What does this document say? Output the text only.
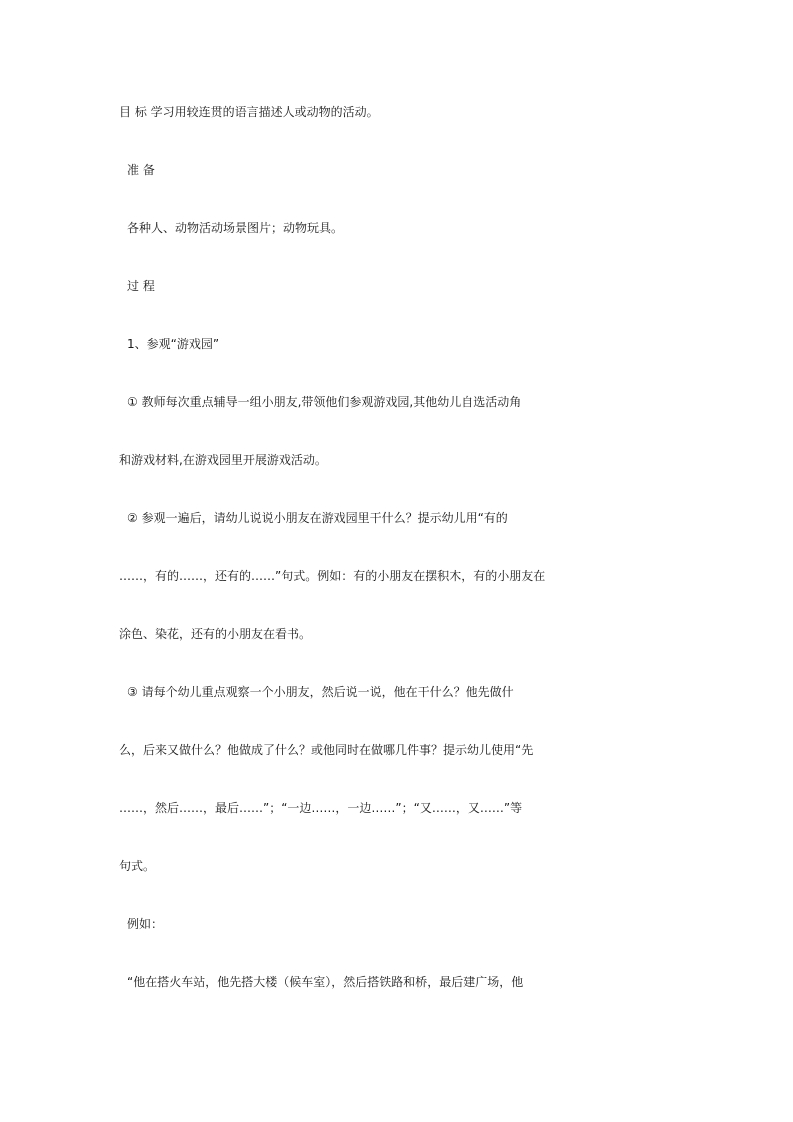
目 标 学习用较连贯的语言描述人或动物的活动。
准 备
各种人、动物活动场景图片；动物玩具。
过 程
1、参观“游戏园”
① 教师每次重点辅导一组小朋友,带领他们参观游戏园,其他幼儿自选活动角
和游戏材料,在游戏园里开展游戏活动。
② 参观一遍后，请幼儿说说小朋友在游戏园里干什么？提示幼儿用“有的
……，有的……，还有的……”句式。例如：有的小朋友在摆积木，有的小朋友在
涂色、染花，还有的小朋友在看书。
③ 请每个幼儿重点观察一个小朋友，然后说一说，他在干什么？他先做什
么，后来又做什么？他做成了什么？或他同时在做哪几件事？提示幼儿使用“先
……，然后……，最后……”；“一边……，一边……”；“又……，又……”等
句式。
例如：
“他在搭火车站，他先搭大楼（候车室），然后搭铁路和桥，最后建广场，他
